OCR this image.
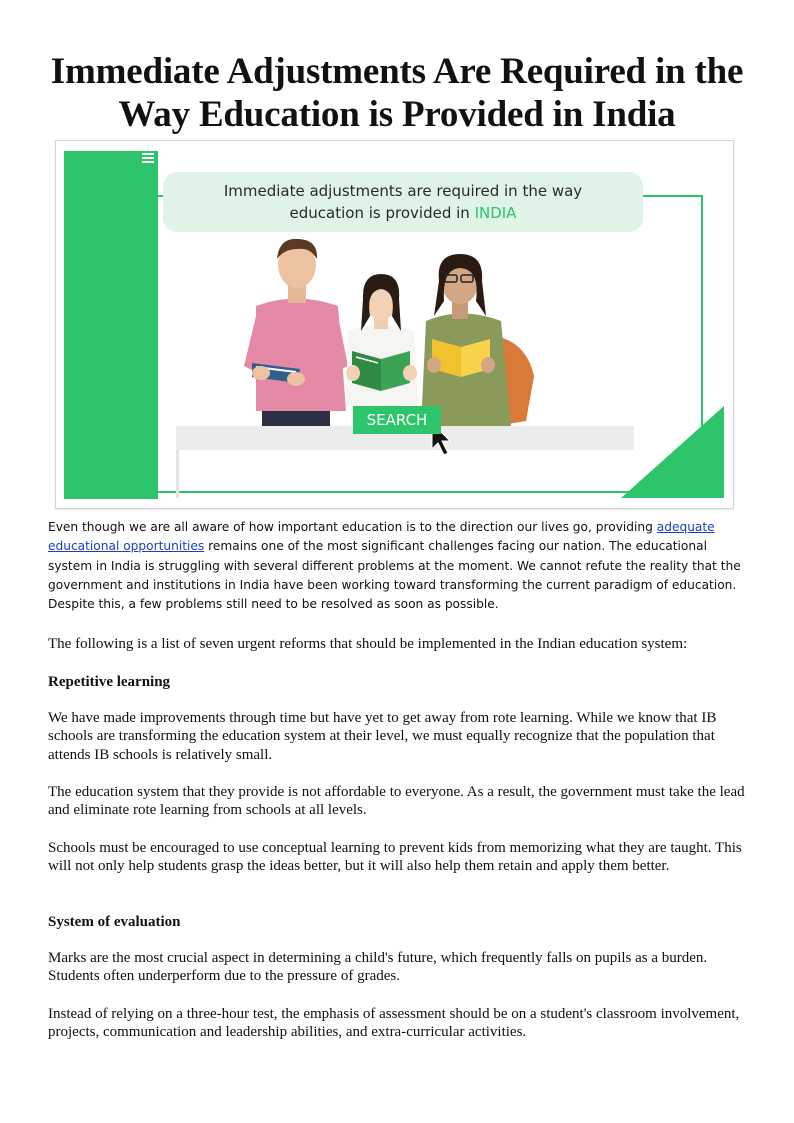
Immediate Adjustments Are Required in the
Way Education is Provided in India
Immediate adjustments are required in the way
education is provided in INDIA
SEARCH

Even though we are all aware of how important education is to the direction our lives go, providing adequate educational opportunities remains one of the most significant challenges facing our nation. The educational system in India is struggling with several different problems at the moment. We cannot refute the reality that the government and institutions in India have been working toward transforming the current paradigm of education. Despite this, a few problems still need to be resolved as soon as possible.

The following is a list of seven urgent reforms that should be implemented in the Indian education system:

Repetitive learning

We have made improvements through time but have yet to get away from rote learning. While we know that IB schools are transforming the education system at their level, we must equally recognize that the population that attends IB schools is relatively small.

The education system that they provide is not affordable to everyone. As a result, the government must take the lead and eliminate rote learning from schools at all levels.

Schools must be encouraged to use conceptual learning to prevent kids from memorizing what they are taught. This will not only help students grasp the ideas better, but it will also help them retain and apply them better.

System of evaluation

Marks are the most crucial aspect in determining a child's future, which frequently falls on pupils as a burden. Students often underperform due to the pressure of grades.

Instead of relying on a three-hour test, the emphasis of assessment should be on a student's classroom involvement, projects, communication and leadership abilities, and extra-curricular activities.
